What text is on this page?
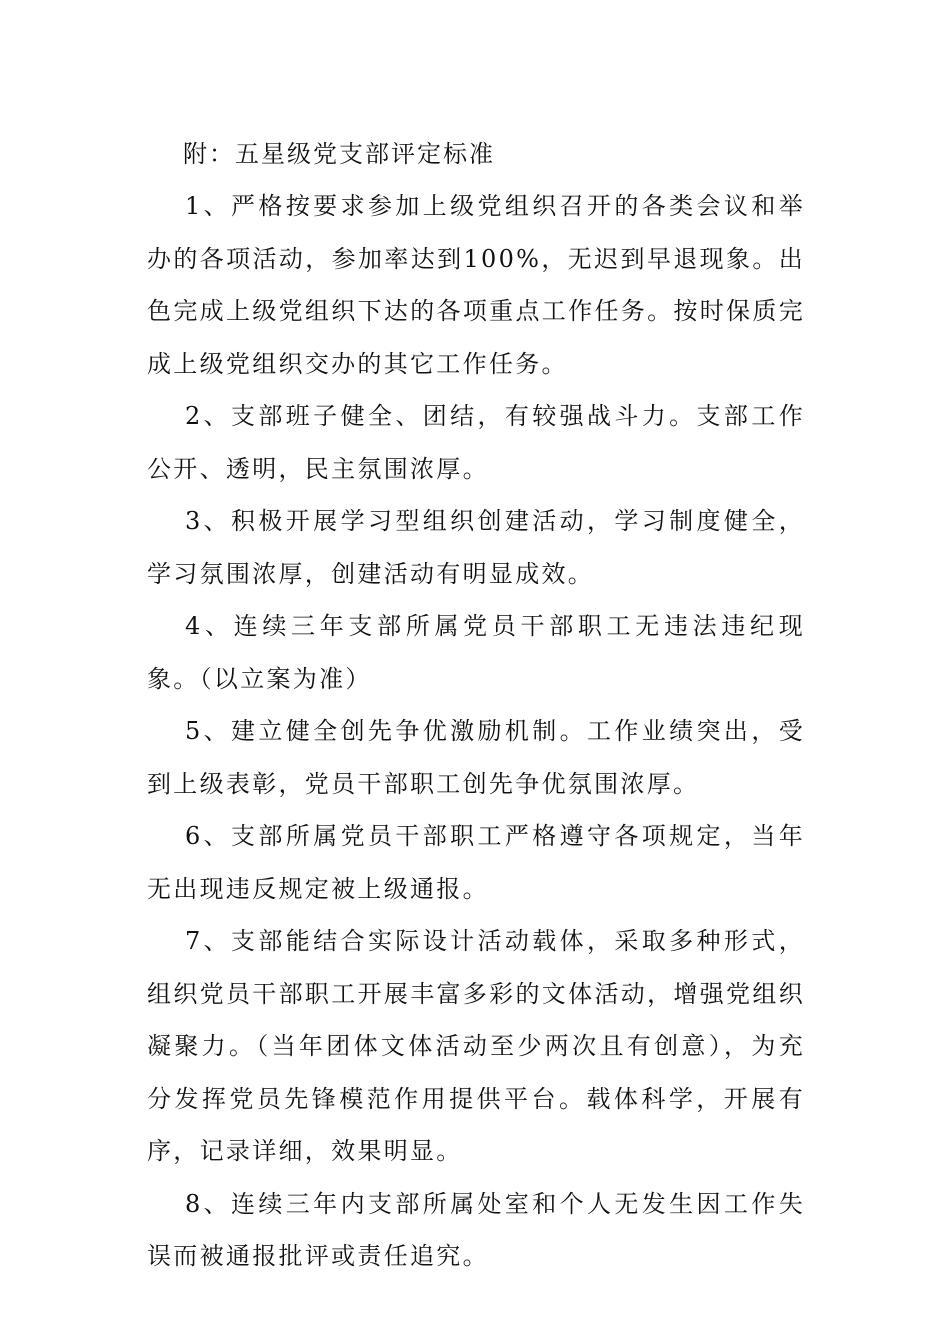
附：五星级党支部评定标准

1、严格按要求参加上级党组织召开的各类会议和举办的各项活动，参加率达到100%，无迟到早退现象。出色完成上级党组织下达的各项重点工作任务。按时保质完成上级党组织交办的其它工作任务。

2、支部班子健全、团结，有较强战斗力。支部工作公开、透明，民主氛围浓厚。

3、积极开展学习型组织创建活动，学习制度健全，学习氛围浓厚，创建活动有明显成效。

4、连续三年支部所属党员干部职工无违法违纪现象。（以立案为准）

5、建立健全创先争优激励机制。工作业绩突出，受到上级表彰，党员干部职工创先争优氛围浓厚。

6、支部所属党员干部职工严格遵守各项规定，当年无出现违反规定被上级通报。

7、支部能结合实际设计活动载体，采取多种形式，组织党员干部职工开展丰富多彩的文体活动，增强党组织凝聚力。（当年团体文体活动至少两次且有创意），为充分发挥党员先锋模范作用提供平台。载体科学，开展有序，记录详细，效果明显。

8、连续三年内支部所属处室和个人无发生因工作失误而被通报批评或责任追究。
